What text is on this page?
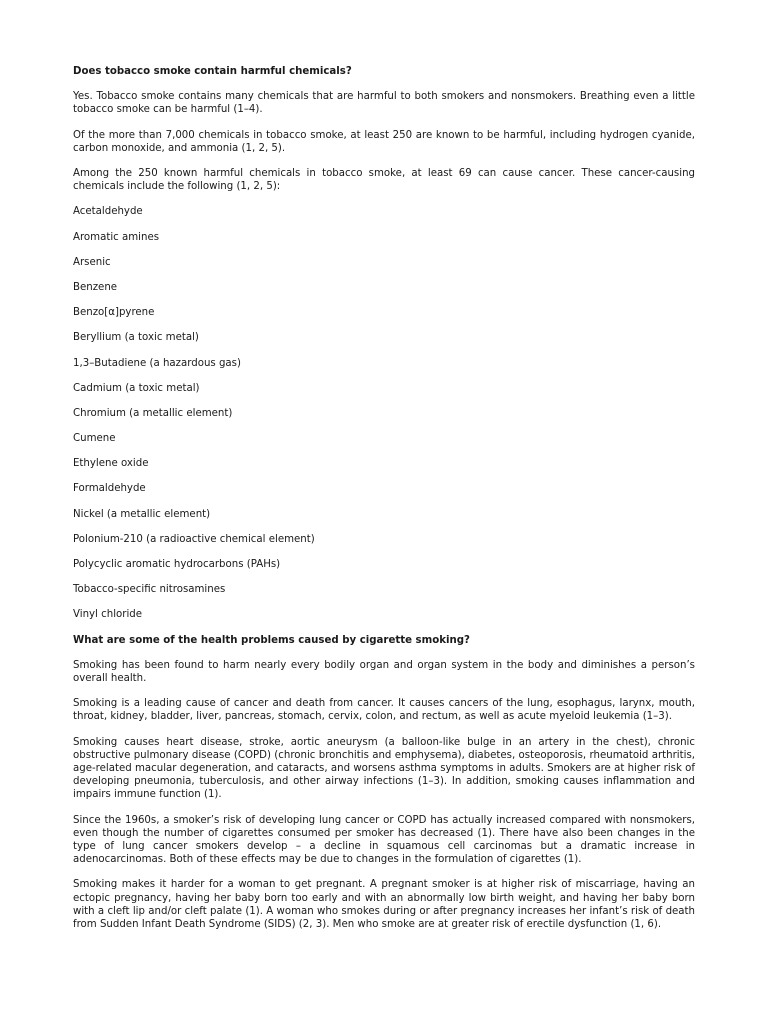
Does tobacco smoke contain harmful chemicals?

Yes. Tobacco smoke contains many chemicals that are harmful to both smokers and nonsmokers. Breathing even a little tobacco smoke can be harmful (1–4).

Of the more than 7,000 chemicals in tobacco smoke, at least 250 are known to be harmful, including hydrogen cyanide, carbon monoxide, and ammonia (1, 2, 5).

Among the 250 known harmful chemicals in tobacco smoke, at least 69 can cause cancer. These cancer-causing chemicals include the following (1, 2, 5):

Acetaldehyde
Aromatic amines
Arsenic
Benzene
Benzo[α]pyrene
Beryllium (a toxic metal)
1,3–Butadiene (a hazardous gas)
Cadmium (a toxic metal)
Chromium (a metallic element)
Cumene
Ethylene oxide
Formaldehyde
Nickel (a metallic element)
Polonium-210 (a radioactive chemical element)
Polycyclic aromatic hydrocarbons (PAHs)
Tobacco-specific nitrosamines
Vinyl chloride
What are some of the health problems caused by cigarette smoking?

Smoking has been found to harm nearly every bodily organ and organ system in the body and diminishes a person’s overall health.

Smoking is a leading cause of cancer and death from cancer. It causes cancers of the lung, esophagus, larynx, mouth, throat, kidney, bladder, liver, pancreas, stomach, cervix, colon, and rectum, as well as acute myeloid leukemia (1–3).

Smoking causes heart disease, stroke, aortic aneurysm (a balloon-like bulge in an artery in the chest), chronic obstructive pulmonary disease (COPD) (chronic bronchitis and emphysema), diabetes, osteoporosis, rheumatoid arthritis, age-related macular degeneration, and cataracts, and worsens asthma symptoms in adults. Smokers are at higher risk of developing pneumonia, tuberculosis, and other airway infections (1–3). In addition, smoking causes inflammation and impairs immune function (1).

Since the 1960s, a smoker’s risk of developing lung cancer or COPD has actually increased compared with nonsmokers, even though the number of cigarettes consumed per smoker has decreased (1). There have also been changes in the type of lung cancer smokers develop – a decline in squamous cell carcinomas but a dramatic increase in adenocarcinomas. Both of these effects may be due to changes in the formulation of cigarettes (1).

Smoking makes it harder for a woman to get pregnant. A pregnant smoker is at higher risk of miscarriage, having an ectopic pregnancy, having her baby born too early and with an abnormally low birth weight, and having her baby born with a cleft lip and/or cleft palate (1). A woman who smokes during or after pregnancy increases her infant’s risk of death from Sudden Infant Death Syndrome (SIDS) (2, 3). Men who smoke are at greater risk of erectile dysfunction (1, 6).
